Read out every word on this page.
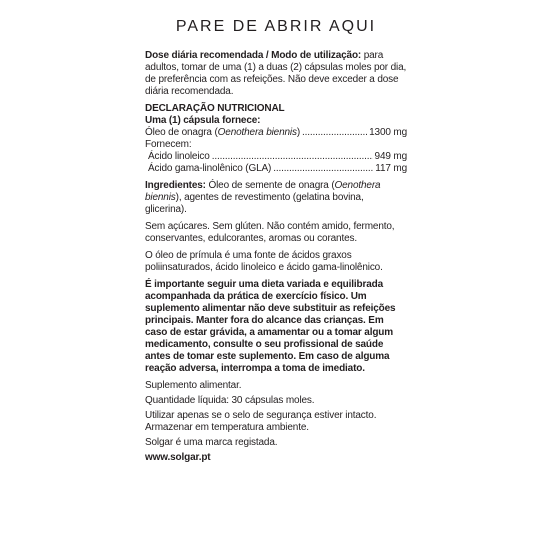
PARE DE ABRIR AQUI

Dose diária recomendada / Modo de utilização: para adultos, tomar de uma (1) a duas (2) cápsulas moles por dia, de preferência com as refeições. Não deve exceder a dose diária recomendada.

DECLARAÇÃO NUTRICIONAL

Uma (1) cápsula fornece:

Óleo de onagra (Oenothera biennis) .....	1300 mg

Fornecem:

Ácido linoleico .....	949 mg
Ácido gama-linolênico (GLA) .....	117 mg

Ingredientes: Óleo de semente de onagra (Oenothera biennis), agentes de revestimento (gelatina bovina, glicerina).

Sem açúcares. Sem glúten. Não contém amido, fermento, conservantes, edulcorantes, aromas ou corantes.

O óleo de prímula é uma fonte de ácidos graxos poliinsaturados, ácido linoleico e ácido gama-linolênico.

É importante seguir uma dieta variada e equilibrada acompanhada da prática de exercício físico. Um suplemento alimentar não deve substituir as refeições principais. Manter fora do alcance das crianças. Em caso de estar grávida, a amamentar ou a tomar algum medicamento, consulte o seu profissional de saúde antes de tomar este suplemento. Em caso de alguma reação adversa, interrompa a toma de imediato.

Suplemento alimentar.

Quantidade líquida: 30 cápsulas moles.

Utilizar apenas se o selo de segurança estiver intacto.

Armazenar em temperatura ambiente.

Solgar é uma marca registada.

www.solgar.pt
